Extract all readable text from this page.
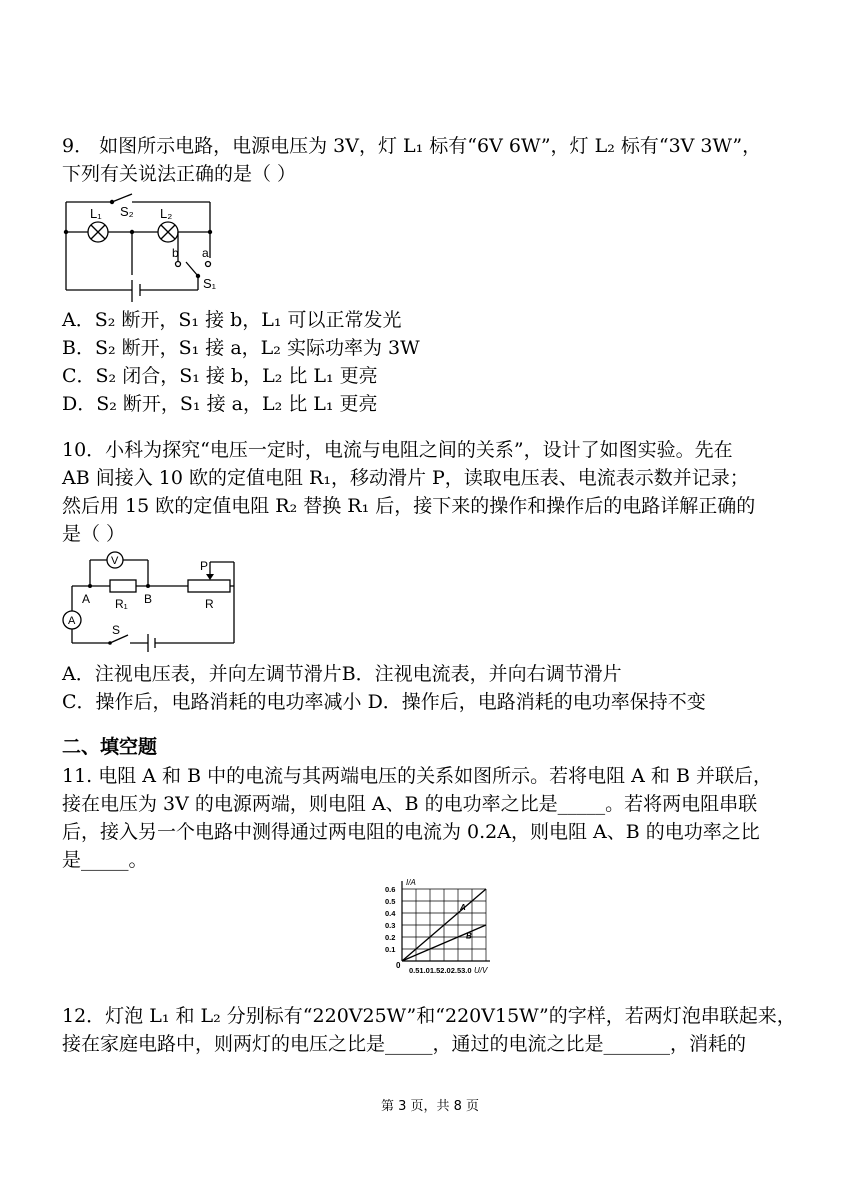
9． 如图所示电路，电源电压为 3V，灯 L₁ 标有“6V 6W”，灯 L₂ 标有“3V 3W”，
下列有关说法正确的是（ ）
L₁ S₂ L₂
b a
S₁
A．S₂ 断开，S₁ 接 b，L₁ 可以正常发光
B．S₂ 断开，S₁ 接 a，L₂ 实际功率为 3W
C．S₂ 闭合，S₁ 接 b，L₂ 比 L₁ 更亮
D．S₂ 断开，S₁ 接 a，L₂ 比 L₁ 更亮
10．小科为探究“电压一定时，电流与电阻之间的关系”，设计了如图实验。先在
AB 间接入 10 欧的定值电阻 R₁，移动滑片 P，读取电压表、电流表示数并记录；
然后用 15 欧的定值电阻 R₂ 替换 R₁ 后，接下来的操作和操作后的电路详解正确的
是（ ）
V
A R₁ B
P
R
A
S
A．注视电压表，并向左调节滑片B．注视电流表，并向右调节滑片
C．操作后，电路消耗的电功率减小 D．操作后，电路消耗的电功率保持不变
二、填空题
11. 电阻 A 和 B 中的电流与其两端电压的关系如图所示。若将电阻 A 和 B 并联后，
接在电压为 3V 的电源两端，则电阻 A、B 的电功率之比是_____。若将两电阻串联
后，接入另一个电路中测得通过两电阻的电流为 0.2A，则电阻 A、B 的电功率之比
是_____。
0.6
0.5
0.4
0.3
0.2
0.1
A
B
I/A
U/V
0.51.01.52.02.53.0
0
12．灯泡 L₁ 和 L₂ 分别标有“220V25W”和“220V15W”的字样，若两灯泡串联起来，
接在家庭电路中，则两灯的电压之比是_____，通过的电流之比是_______，消耗的
第 3 页，共 8 页
